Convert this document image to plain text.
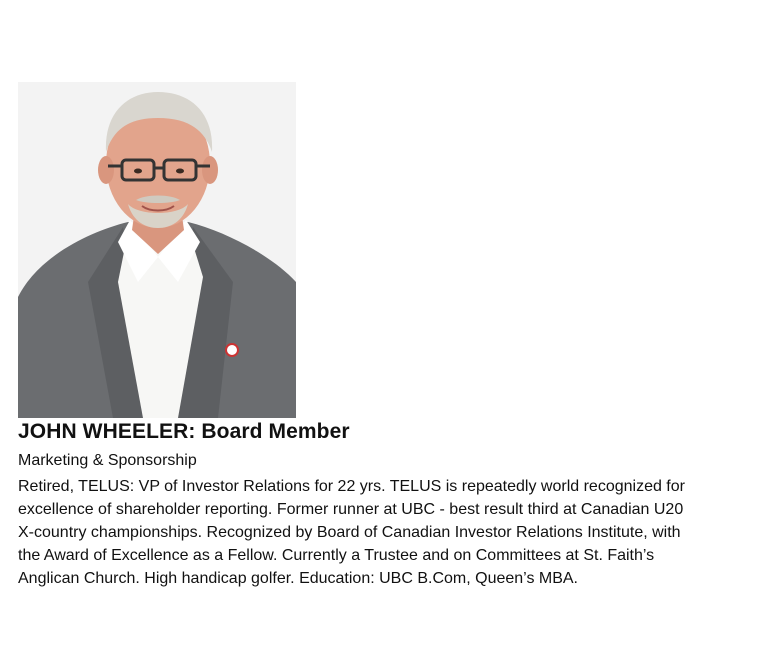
JOHN WHEELER: Board Member
Marketing & Sponsorship
Retired, TELUS: VP of Investor Relations for 22 yrs. TELUS is repeatedly world recognized for
excellence of shareholder reporting. Former runner at UBC - best result third at Canadian U20
X-country championships. Recognized by Board of Canadian Investor Relations Institute, with
the Award of Excellence as a Fellow. Currently a Trustee and on Committees at St. Faith’s
Anglican Church. High handicap golfer. Education: UBC B.Com, Queen’s MBA.
